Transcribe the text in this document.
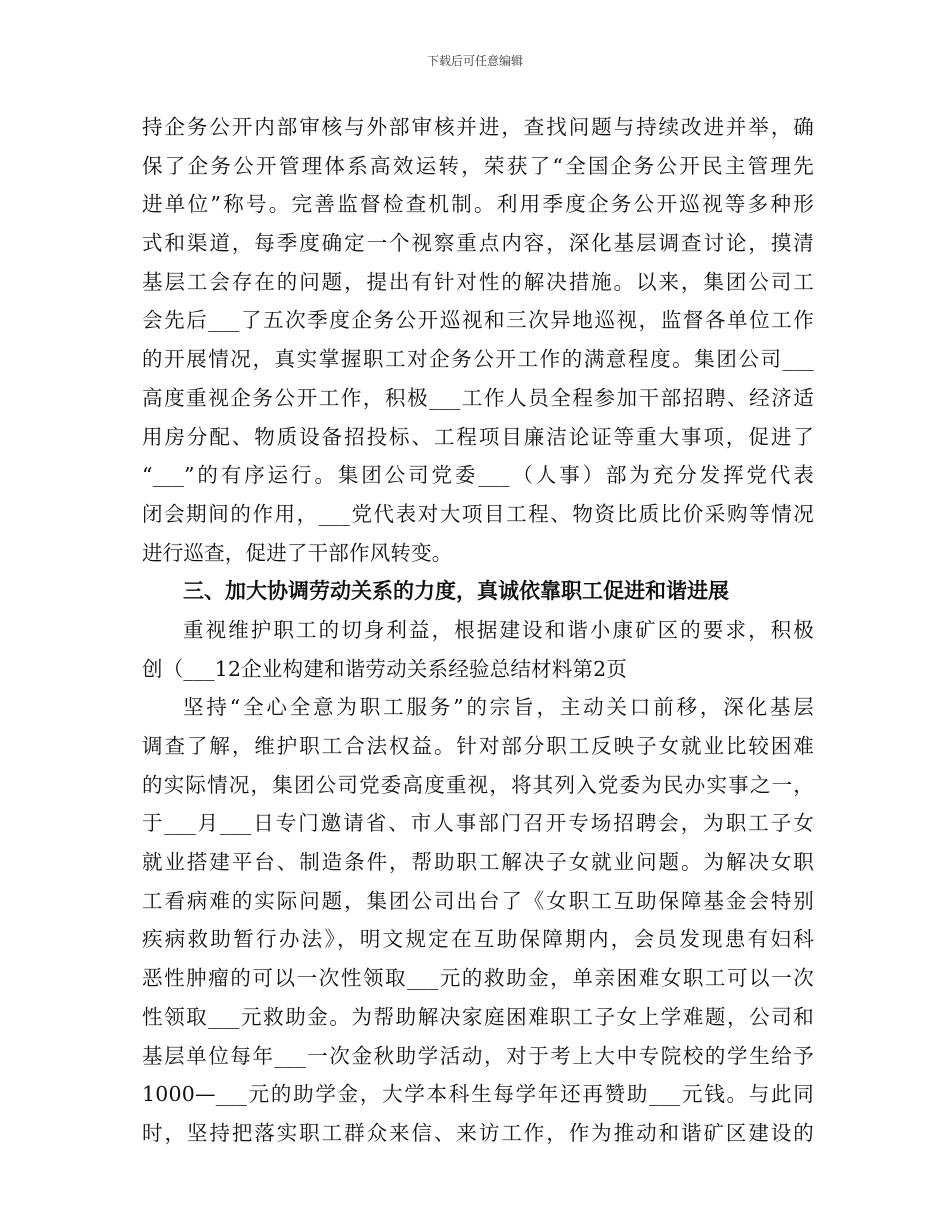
下载后可任意编辑
持企务公开内部审核与外部审核并进，查找问题与持续改进并举，确
保了企务公开管理体系高效运转，荣获了“全国企务公开民主管理先
进单位”称号。完善监督检查机制。利用季度企务公开巡视等多种形
式和渠道，每季度确定一个视察重点内容，深化基层调查讨论，摸清
基层工会存在的问题，提出有针对性的解决措施。以来，集团公司工
会先后___了五次季度企务公开巡视和三次异地巡视，监督各单位工作
的开展情况，真实掌握职工对企务公开工作的满意程度。集团公司___
高度重视企务公开工作，积极___工作人员全程参加干部招聘、经济适
用房分配、物质设备招投标、工程项目廉洁论证等重大事项，促进了
“___”的有序运行。集团公司党委___（人事）部为充分发挥党代表
闭会期间的作用，___党代表对大项目工程、物资比质比价采购等情况
进行巡查，促进了干部作风转变。
三、加大协调劳动关系的力度，真诚依靠职工促进和谐进展
重视维护职工的切身利益，根据建设和谐小康矿区的要求，积极
创（___12企业构建和谐劳动关系经验总结材料第2页
坚持“全心全意为职工服务”的宗旨，主动关口前移，深化基层
调查了解，维护职工合法权益。针对部分职工反映子女就业比较困难
的实际情况，集团公司党委高度重视，将其列入党委为民办实事之一，
于___月___日专门邀请省、市人事部门召开专场招聘会，为职工子女
就业搭建平台、制造条件，帮助职工解决子女就业问题。为解决女职
工看病难的实际问题，集团公司出台了《女职工互助保障基金会特别
疾病救助暂行办法》，明文规定在互助保障期内，会员发现患有妇科
恶性肿瘤的可以一次性领取___元的救助金，单亲困难女职工可以一次
性领取___元救助金。为帮助解决家庭困难职工子女上学难题，公司和
基层单位每年___一次金秋助学活动，对于考上大中专院校的学生给予
1000—___元的助学金，大学本科生每学年还再赞助___元钱。与此同
时，坚持把落实职工群众来信、来访工作，作为推动和谐矿区建设的
